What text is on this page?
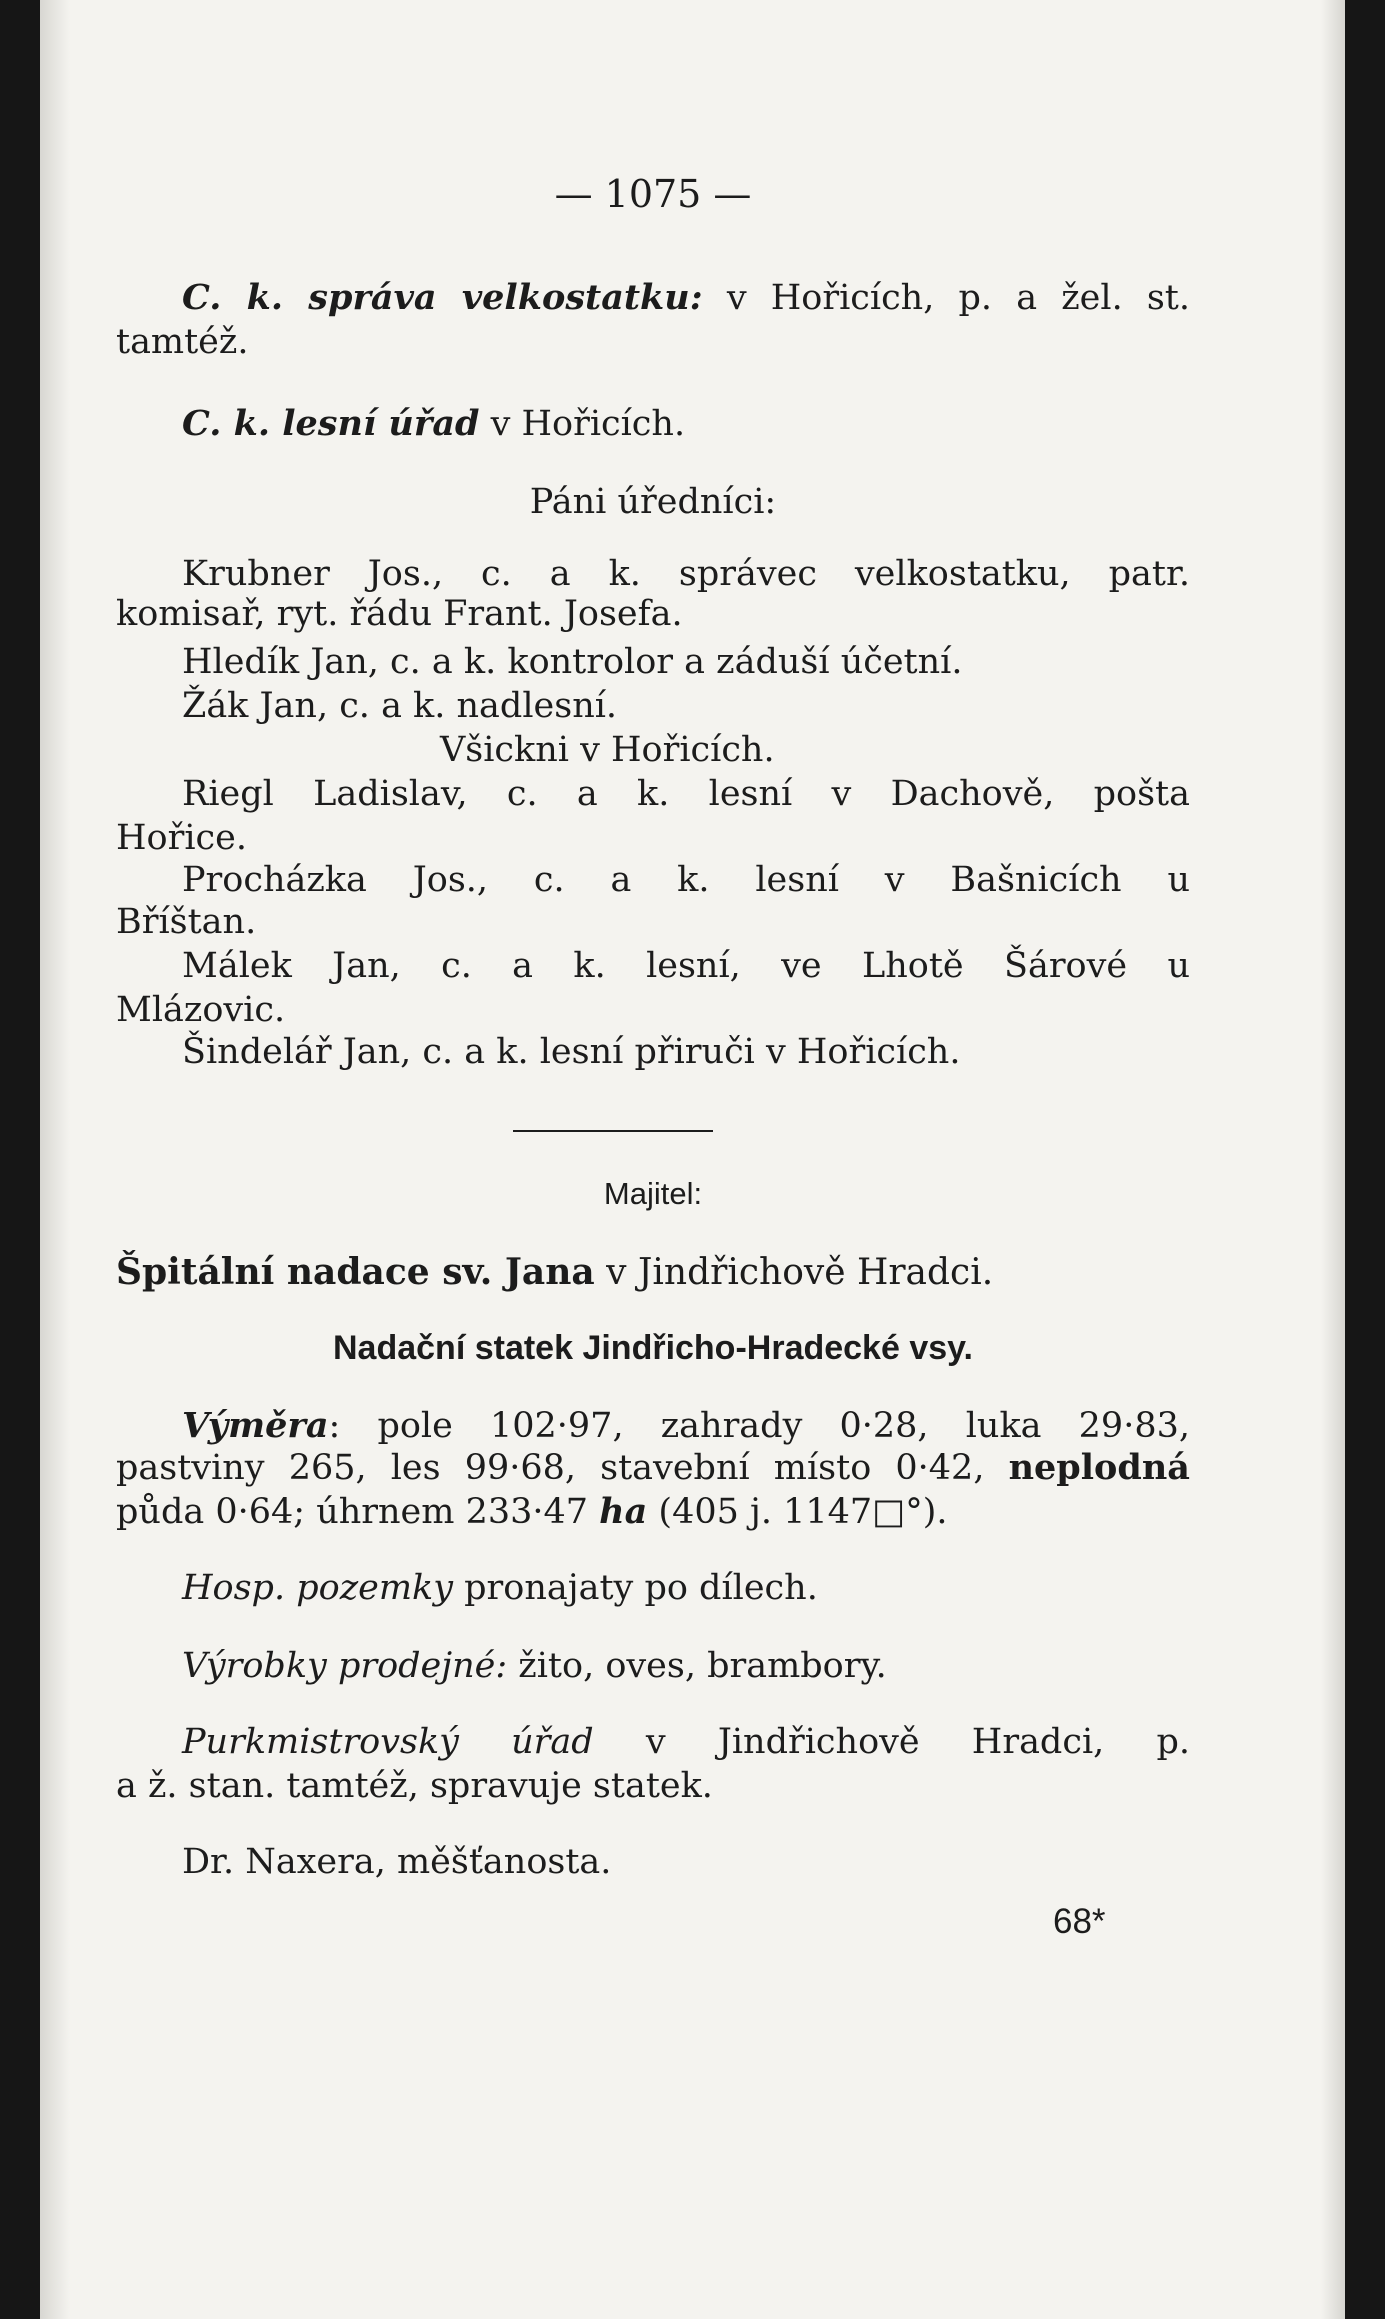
— 1075 —
C. k. správa velkostatku: v Hořicích, p. a žel. st.
tamtéž.
C. k. lesní úřad v Hořicích.
Páni úředníci:
Krubner Jos., c. a k. správec velkostatku, patr.
komisař, ryt. řádu Frant. Josefa.
Hledík Jan, c. a k. kontrolor a záduší účetní.
Žák Jan, c. a k. nadlesní.
Všickni v Hořicích.
Riegl Ladislav, c. a k. lesní v Dachově, pošta
Hořice.
Procházka Jos., c. a k. lesní v Bašnicích u
Bříštan.
Málek Jan, c. a k. lesní, ve Lhotě Šárové u
Mlázovic.
Šindelář Jan, c. a k. lesní přiruči v Hořicích.
Majitel:
Špitální nadace sv. Jana v Jindřichově Hradci.
Nadační statek Jindřicho-Hradecké vsy.
Výměra: pole 102·97, zahrady 0·28, luka 29·83,
pastviny 265, les 99·68, stavební místo 0·42, neplodná
půda 0·64; úhrnem 233·47 ha (405 j. 1147□°).
Hosp. pozemky pronajaty po dílech.
Výrobky prodejné: žito, oves, brambory.
Purkmistrovský úřad v Jindřichově Hradci, p.
a ž. stan. tamtéž, spravuje statek.
Dr. Naxera, měšťanosta.
68*
